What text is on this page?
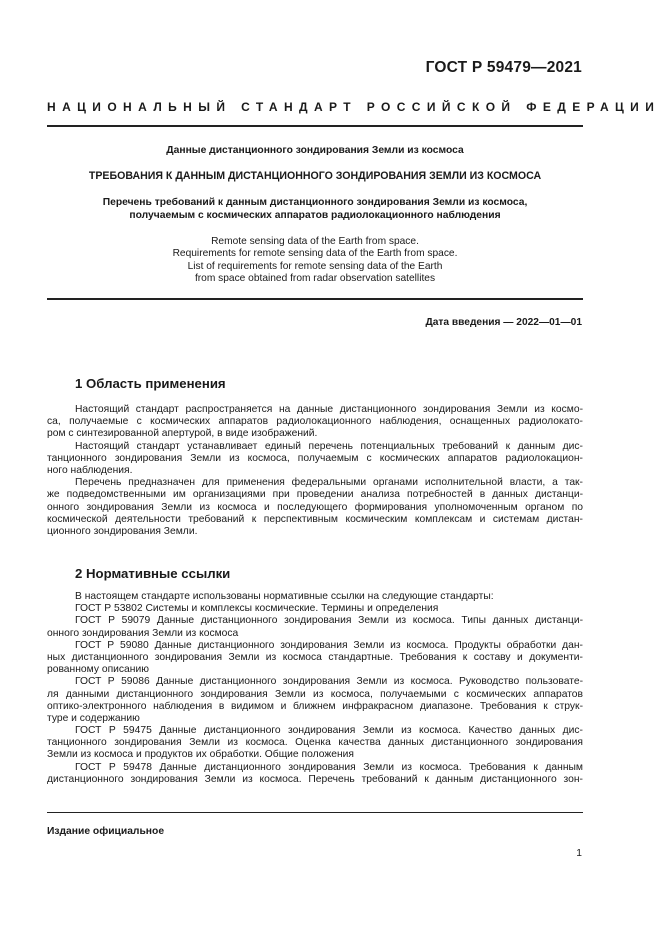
ГОСТ Р 59479—2021
НАЦИОНАЛЬНЫЙ СТАНДАРТ РОССИЙСКОЙ ФЕДЕРАЦИИ
Данные дистанционного зондирования Земли из космоса
ТРЕБОВАНИЯ К ДАННЫМ ДИСТАНЦИОННОГО ЗОНДИРОВАНИЯ ЗЕМЛИ ИЗ КОСМОСА
Перечень требований к данным дистанционного зондирования Земли из космоса,
получаемым с космических аппаратов радиолокационного наблюдения
Remote sensing data of the Earth from space.
Requirements for remote sensing data of the Earth from space.
List of requirements for remote sensing data of the Earth
from space obtained from radar observation satellites
Дата введения — 2022—01—01
1 Область применения
Настоящий стандарт распространяется на данные дистанционного зондирования Земли из космо-
са, получаемые с космических аппаратов радиолокационного наблюдения, оснащенных радиолокато-
ром с синтезированной апертурой, в виде изображений.
Настоящий стандарт устанавливает единый перечень потенциальных требований к данным дис-
танционного зондирования Земли из космоса, получаемым с космических аппаратов радиолокацион-
ного наблюдения.
Перечень предназначен для применения федеральными органами исполнительной власти, а так-
же подведомственными им организациями при проведении анализа потребностей в данных дистанци-
онного зондирования Земли из космоса и последующего формирования уполномоченным органом по
космической деятельности требований к перспективным космическим комплексам и системам дистан-
ционного зондирования Земли.
2 Нормативные ссылки
В настоящем стандарте использованы нормативные ссылки на следующие стандарты:
ГОСТ Р 53802 Системы и комплексы космические. Термины и определения
ГОСТ Р 59079 Данные дистанционного зондирования Земли из космоса. Типы данных дистанци-
онного зондирования Земли из космоса
ГОСТ Р 59080 Данные дистанционного зондирования Земли из космоса. Продукты обработки дан-
ных дистанционного зондирования Земли из космоса стандартные. Требования к составу и документи-
рованному описанию
ГОСТ Р 59086 Данные дистанционного зондирования Земли из космоса. Руководство пользовате-
ля данными дистанционного зондирования Земли из космоса, получаемыми с космических аппаратов
оптико-электронного наблюдения в видимом и ближнем инфракрасном диапазоне. Требования к струк-
туре и содержанию
ГОСТ Р 59475 Данные дистанционного зондирования Земли из космоса. Качество данных дис-
танционного зондирования Земли из космоса. Оценка качества данных дистанционного зондирования
Земли из космоса и продуктов их обработки. Общие положения
ГОСТ Р 59478 Данные дистанционного зондирования Земли из космоса. Требования к данным
дистанционного зондирования Земли из космоса. Перечень требований к данным дистанционного зон-
Издание официальное
1
